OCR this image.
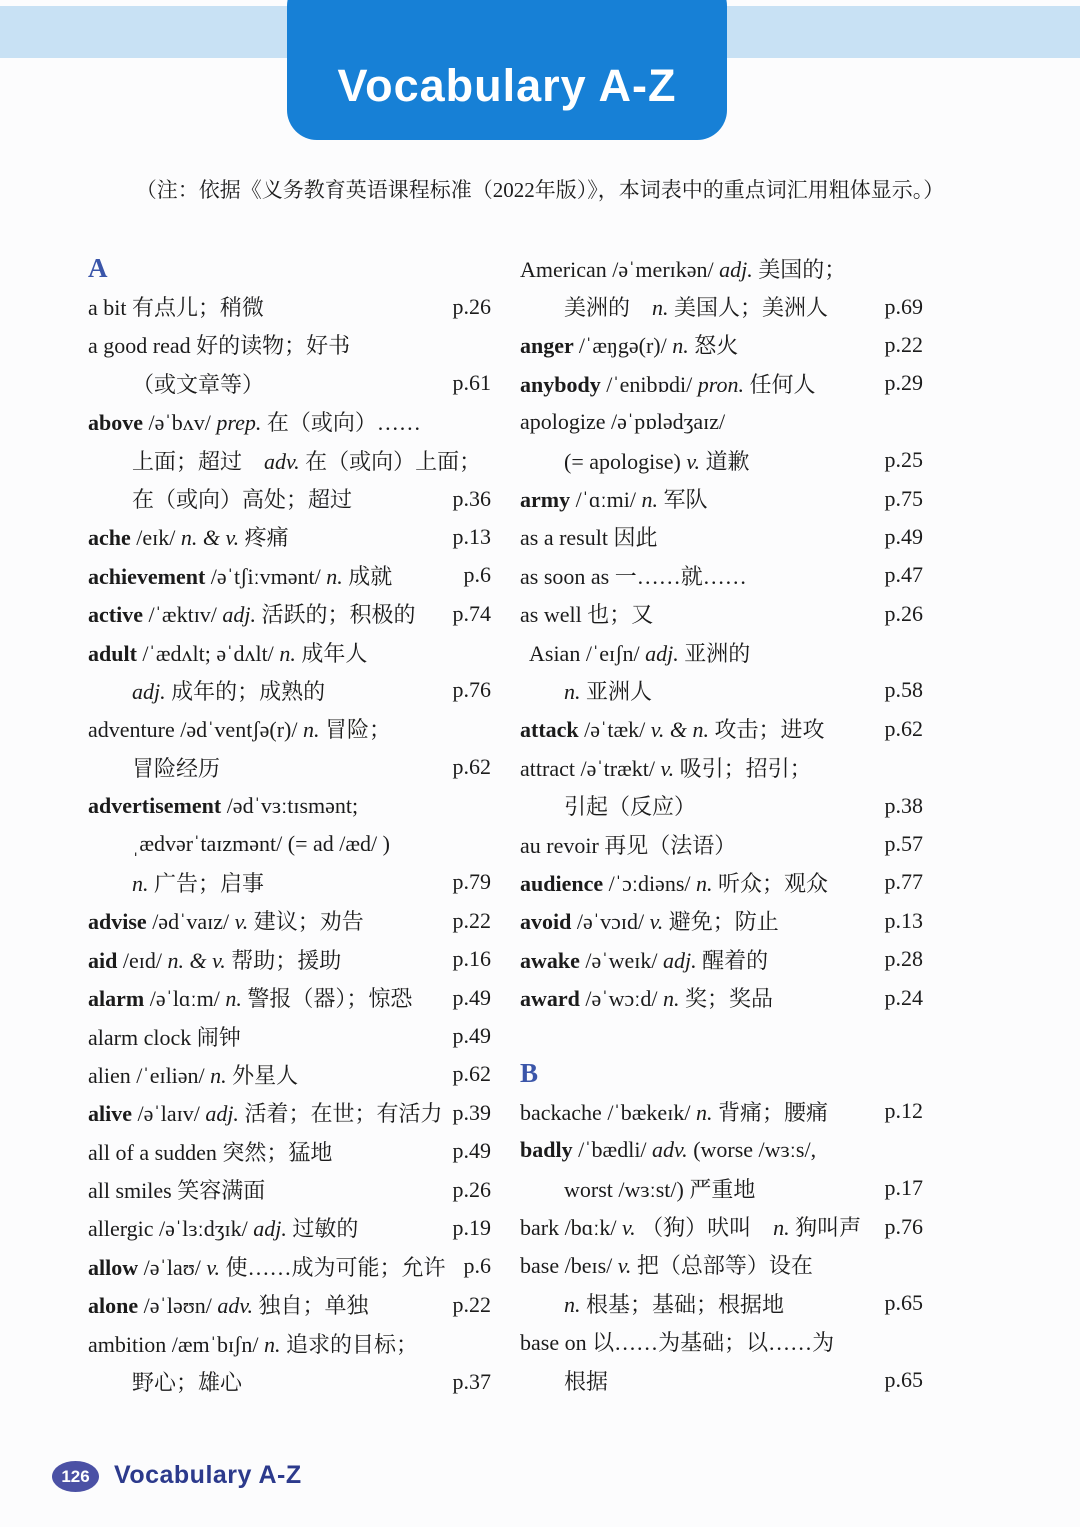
Vocabulary A-Z
（注：依据《义务教育英语课程标准（2022年版）》，本词表中的重点词汇用粗体显示。）
A
a bit 有点儿；稍微	p.26
a good read 好的读物；好书
（或文章等）	p.61
above /əˈbʌv/ prep. 在（或向）……
上面；超过　adv. 在（或向）上面；
在（或向）高处；超过	p.36
ache /eɪk/ n. & v. 疼痛	p.13
achievement /əˈtʃiːvmənt/ n. 成就	p.6
active /ˈæktɪv/ adj. 活跃的；积极的 p.74
adult /ˈædʌlt; əˈdʌlt/ n. 成年人
adj. 成年的；成熟的	p.76
adventure /ədˈventʃə(r)/ n. 冒险；
冒险经历	p.62
advertisement /ədˈvɜːtɪsmənt;
ˌædvərˈtaɪzmənt/ (= ad /æd/ )
n. 广告；启事	p.79
advise /ədˈvaɪz/ v. 建议；劝告	p.22
aid /eɪd/ n. & v. 帮助；援助	p.16
alarm /əˈlɑːm/ n. 警报（器）；惊恐 p.49
alarm clock 闹钟	p.49
alien /ˈeɪliən/ n. 外星人	p.62
alive /əˈlaɪv/ adj. 活着；在世；有活力 p.39
all of a sudden 突然；猛地	p.49
all smiles 笑容满面	p.26
allergic /əˈlɜːdʒɪk/ adj. 过敏的	p.19
allow /əˈlaʊ/ v. 使……成为可能；允许 p.6
alone /əˈləʊn/ adv. 独自；单独	p.22
ambition /æmˈbɪʃn/ n. 追求的目标；
野心；雄心	p.37
American /əˈmerɪkən/ adj. 美国的；
美洲的　n. 美国人；美洲人	p.69
anger /ˈæŋgə(r)/ n. 怒火	p.22
anybody /ˈenibɒdi/ pron. 任何人	p.29
apologize /əˈpɒlədʒaɪz/
(= apologise) v. 道歉	p.25
army /ˈɑːmi/ n. 军队	p.75
as a result 因此	p.49
as soon as 一……就……	p.47
as well 也；又	p.26
Asian /ˈeɪʃn/ adj. 亚洲的
n. 亚洲人	p.58
attack /əˈtæk/ v. & n. 攻击；进攻	p.62
attract /əˈtrækt/ v. 吸引；招引；
引起（反应）	p.38
au revoir 再见（法语）	p.57
audience /ˈɔːdiəns/ n. 听众；观众	p.77
avoid /əˈvɔɪd/ v. 避免；防止	p.13
awake /əˈweɪk/ adj. 醒着的	p.28
award /əˈwɔːd/ n. 奖；奖品	p.24
B
backache /ˈbækeɪk/ n. 背痛；腰痛	p.12
badly /ˈbædli/ adv. (worse /wɜːs/,
worst /wɜːst/) 严重地	p.17
bark /bɑːk/ v. （狗）吠叫　n. 狗叫声 p.76
base /beɪs/ v. 把（总部等）设在
n. 根基；基础；根据地	p.65
base on 以……为基础；以……为
根据	p.65
126 Vocabulary A-Z
